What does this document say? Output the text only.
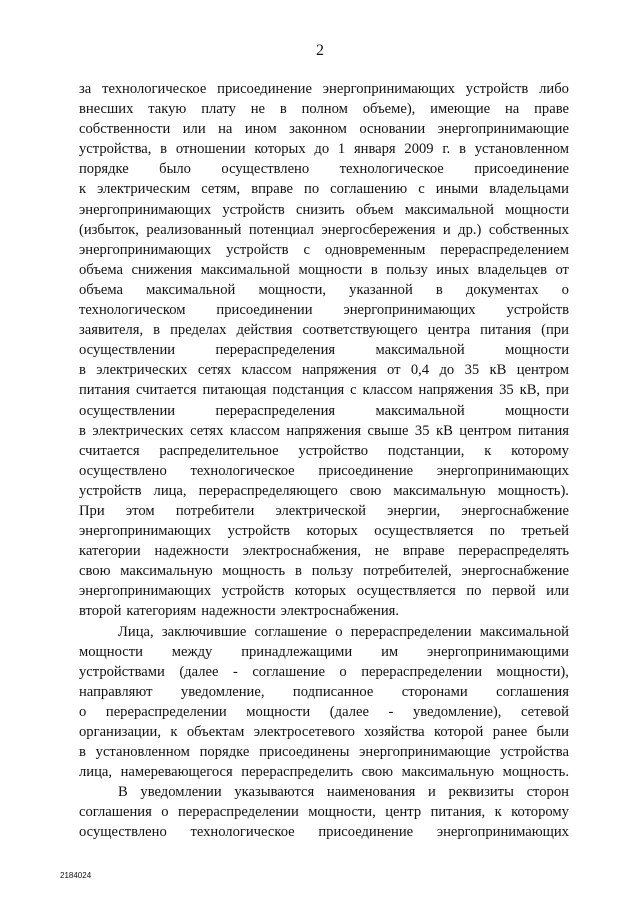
2
за технологическое присоединение энергопринимающих устройств либо
внесших такую плату не в полном объеме), имеющие на праве
собственности или на ином законном основании энергопринимающие
устройства, в отношении которых до 1 января 2009 г. в установленном
порядке было осуществлено технологическое присоединение
к электрическим сетям, вправе по соглашению с иными владельцами
энергопринимающих устройств снизить объем максимальной мощности
(избыток, реализованный потенциал энергосбережения и др.) собственных
энергопринимающих устройств с одновременным перераспределением
объема снижения максимальной мощности в пользу иных владельцев от
объема максимальной мощности, указанной в документах о
технологическом присоединении энергопринимающих устройств
заявителя, в пределах действия соответствующего центра питания (при
осуществлении	перераспределения	максимальной	мощности
в электрических сетях классом напряжения от 0,4 до 35 кВ центром
питания считается питающая подстанция с классом напряжения 35 кВ, при
осуществлении	перераспределения	максимальной	мощности
в электрических сетях классом напряжения свыше 35 кВ центром питания
считается распределительное устройство подстанции, к которому
осуществлено технологическое присоединение энергопринимающих
устройств лица, перераспределяющего свою максимальную мощность).
При этом потребители электрической энергии, энергоснабжение
энергопринимающих устройств которых осуществляется по третьей
категории надежности электроснабжения, не вправе перераспределять
свою максимальную мощность в пользу потребителей, энергоснабжение
энергопринимающих устройств которых осуществляется по первой или
второй категориям надежности электроснабжения.
Лица, заключившие соглашение о перераспределении максимальной
мощности между принадлежащими им энергопринимающими
устройствами (далее - соглашение о перераспределении мощности),
направляют уведомление, подписанное сторонами соглашения
о перераспределении мощности (далее - уведомление), сетевой
организации, к объектам электросетевого хозяйства которой ранее были
в установленном порядке присоединены энергопринимающие устройства
лица, намеревающегося перераспределить свою максимальную мощность.
В уведомлении указываются наименования и реквизиты сторон
соглашения о перераспределении мощности, центр питания, к которому
осуществлено технологическое присоединение энергопринимающих
2184024
